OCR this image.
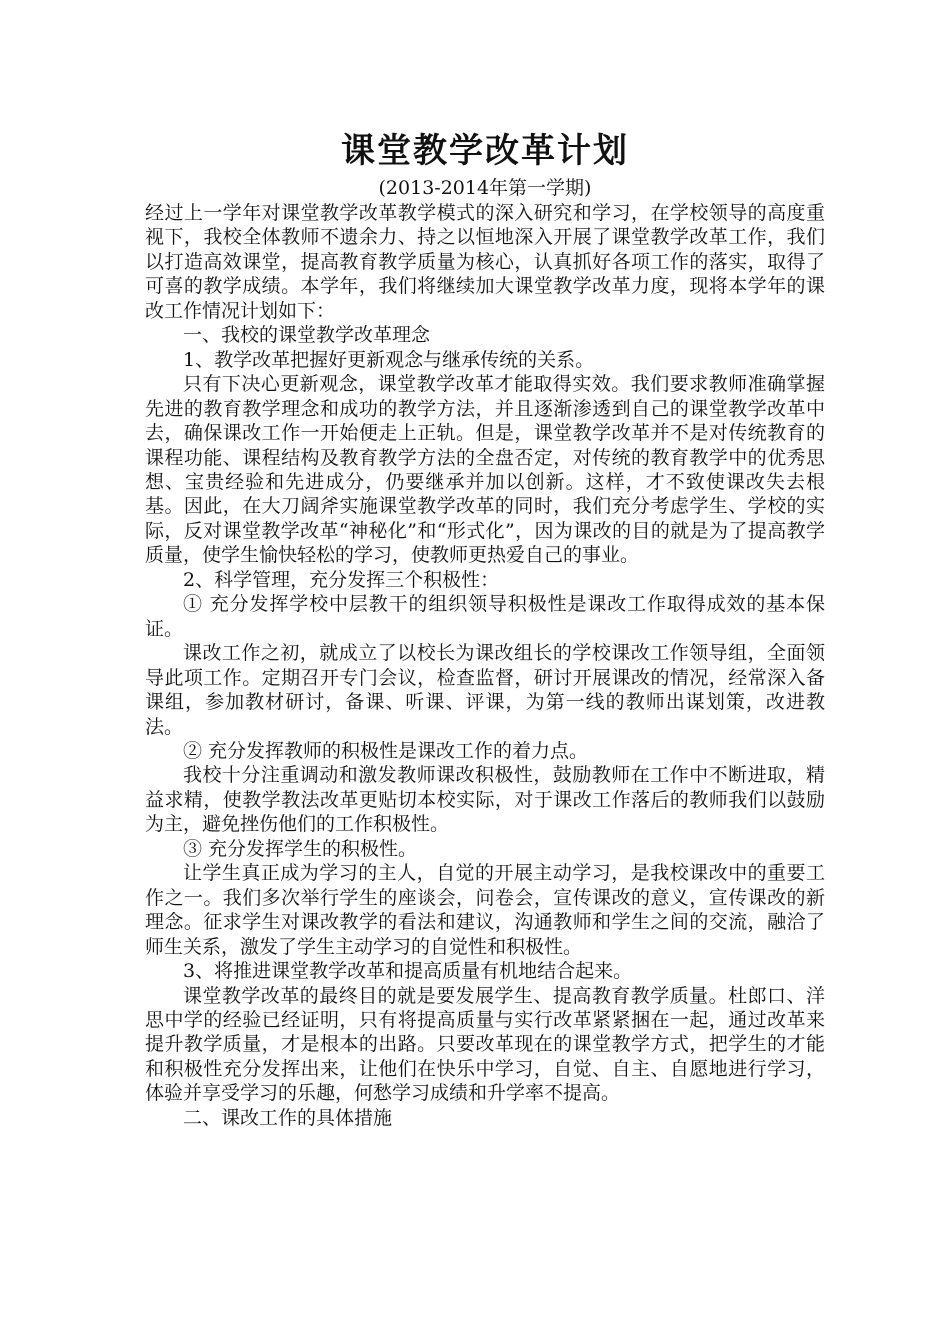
课堂教学改革计划

(2013-2014年第一学期)

经过上一学年对课堂教学改革教学模式的深入研究和学习，在学校领导的高度重视下，我校全体教师不遗余力、持之以恒地深入开展了课堂教学改革工作，我们以打造高效课堂，提高教育教学质量为核心，认真抓好各项工作的落实，取得了可喜的教学成绩。本学年，我们将继续加大课堂教学改革力度，现将本学年的课改工作情况计划如下：

一、我校的课堂教学改革理念

1、教学改革把握好更新观念与继承传统的关系。

只有下决心更新观念，课堂教学改革才能取得实效。我们要求教师准确掌握先进的教育教学理念和成功的教学方法，并且逐渐渗透到自己的课堂教学改革中去，确保课改工作一开始便走上正轨。但是，课堂教学改革并不是对传统教育的课程功能、课程结构及教育教学方法的全盘否定，对传统的教育教学中的优秀思想、宝贵经验和先进成分，仍要继承并加以创新。这样，才不致使课改失去根基。因此，在大刀阔斧实施课堂教学改革的同时，我们充分考虑学生、学校的实际，反对课堂教学改革“神秘化”和“形式化”，因为课改的目的就是为了提高教学质量，使学生愉快轻松的学习，使教师更热爱自己的事业。

2、科学管理，充分发挥三个积极性：

① 充分发挥学校中层教干的组织领导积极性是课改工作取得成效的基本保证。

课改工作之初，就成立了以校长为课改组长的学校课改工作领导组，全面领导此项工作。定期召开专门会议，检查监督，研讨开展课改的情况，经常深入备课组，参加教材研讨，备课、听课、评课，为第一线的教师出谋划策，改进教法。

② 充分发挥教师的积极性是课改工作的着力点。

我校十分注重调动和激发教师课改积极性，鼓励教师在工作中不断进取，精益求精，使教学教法改革更贴切本校实际，对于课改工作落后的教师我们以鼓励为主，避免挫伤他们的工作积极性。

③ 充分发挥学生的积极性。

让学生真正成为学习的主人，自觉的开展主动学习，是我校课改中的重要工作之一。我们多次举行学生的座谈会，问卷会，宣传课改的意义，宣传课改的新理念。征求学生对课改教学的看法和建议，沟通教师和学生之间的交流，融洽了师生关系，激发了学生主动学习的自觉性和积极性。

3、将推进课堂教学改革和提高质量有机地结合起来。

课堂教学改革的最终目的就是要发展学生、提高教育教学质量。杜郎口、洋思中学的经验已经证明，只有将提高质量与实行改革紧紧捆在一起，通过改革来提升教学质量，才是根本的出路。只要改革现在的课堂教学方式，把学生的才能和积极性充分发挥出来，让他们在快乐中学习，自觉、自主、自愿地进行学习，体验并享受学习的乐趣，何愁学习成绩和升学率不提高。

二、课改工作的具体措施
